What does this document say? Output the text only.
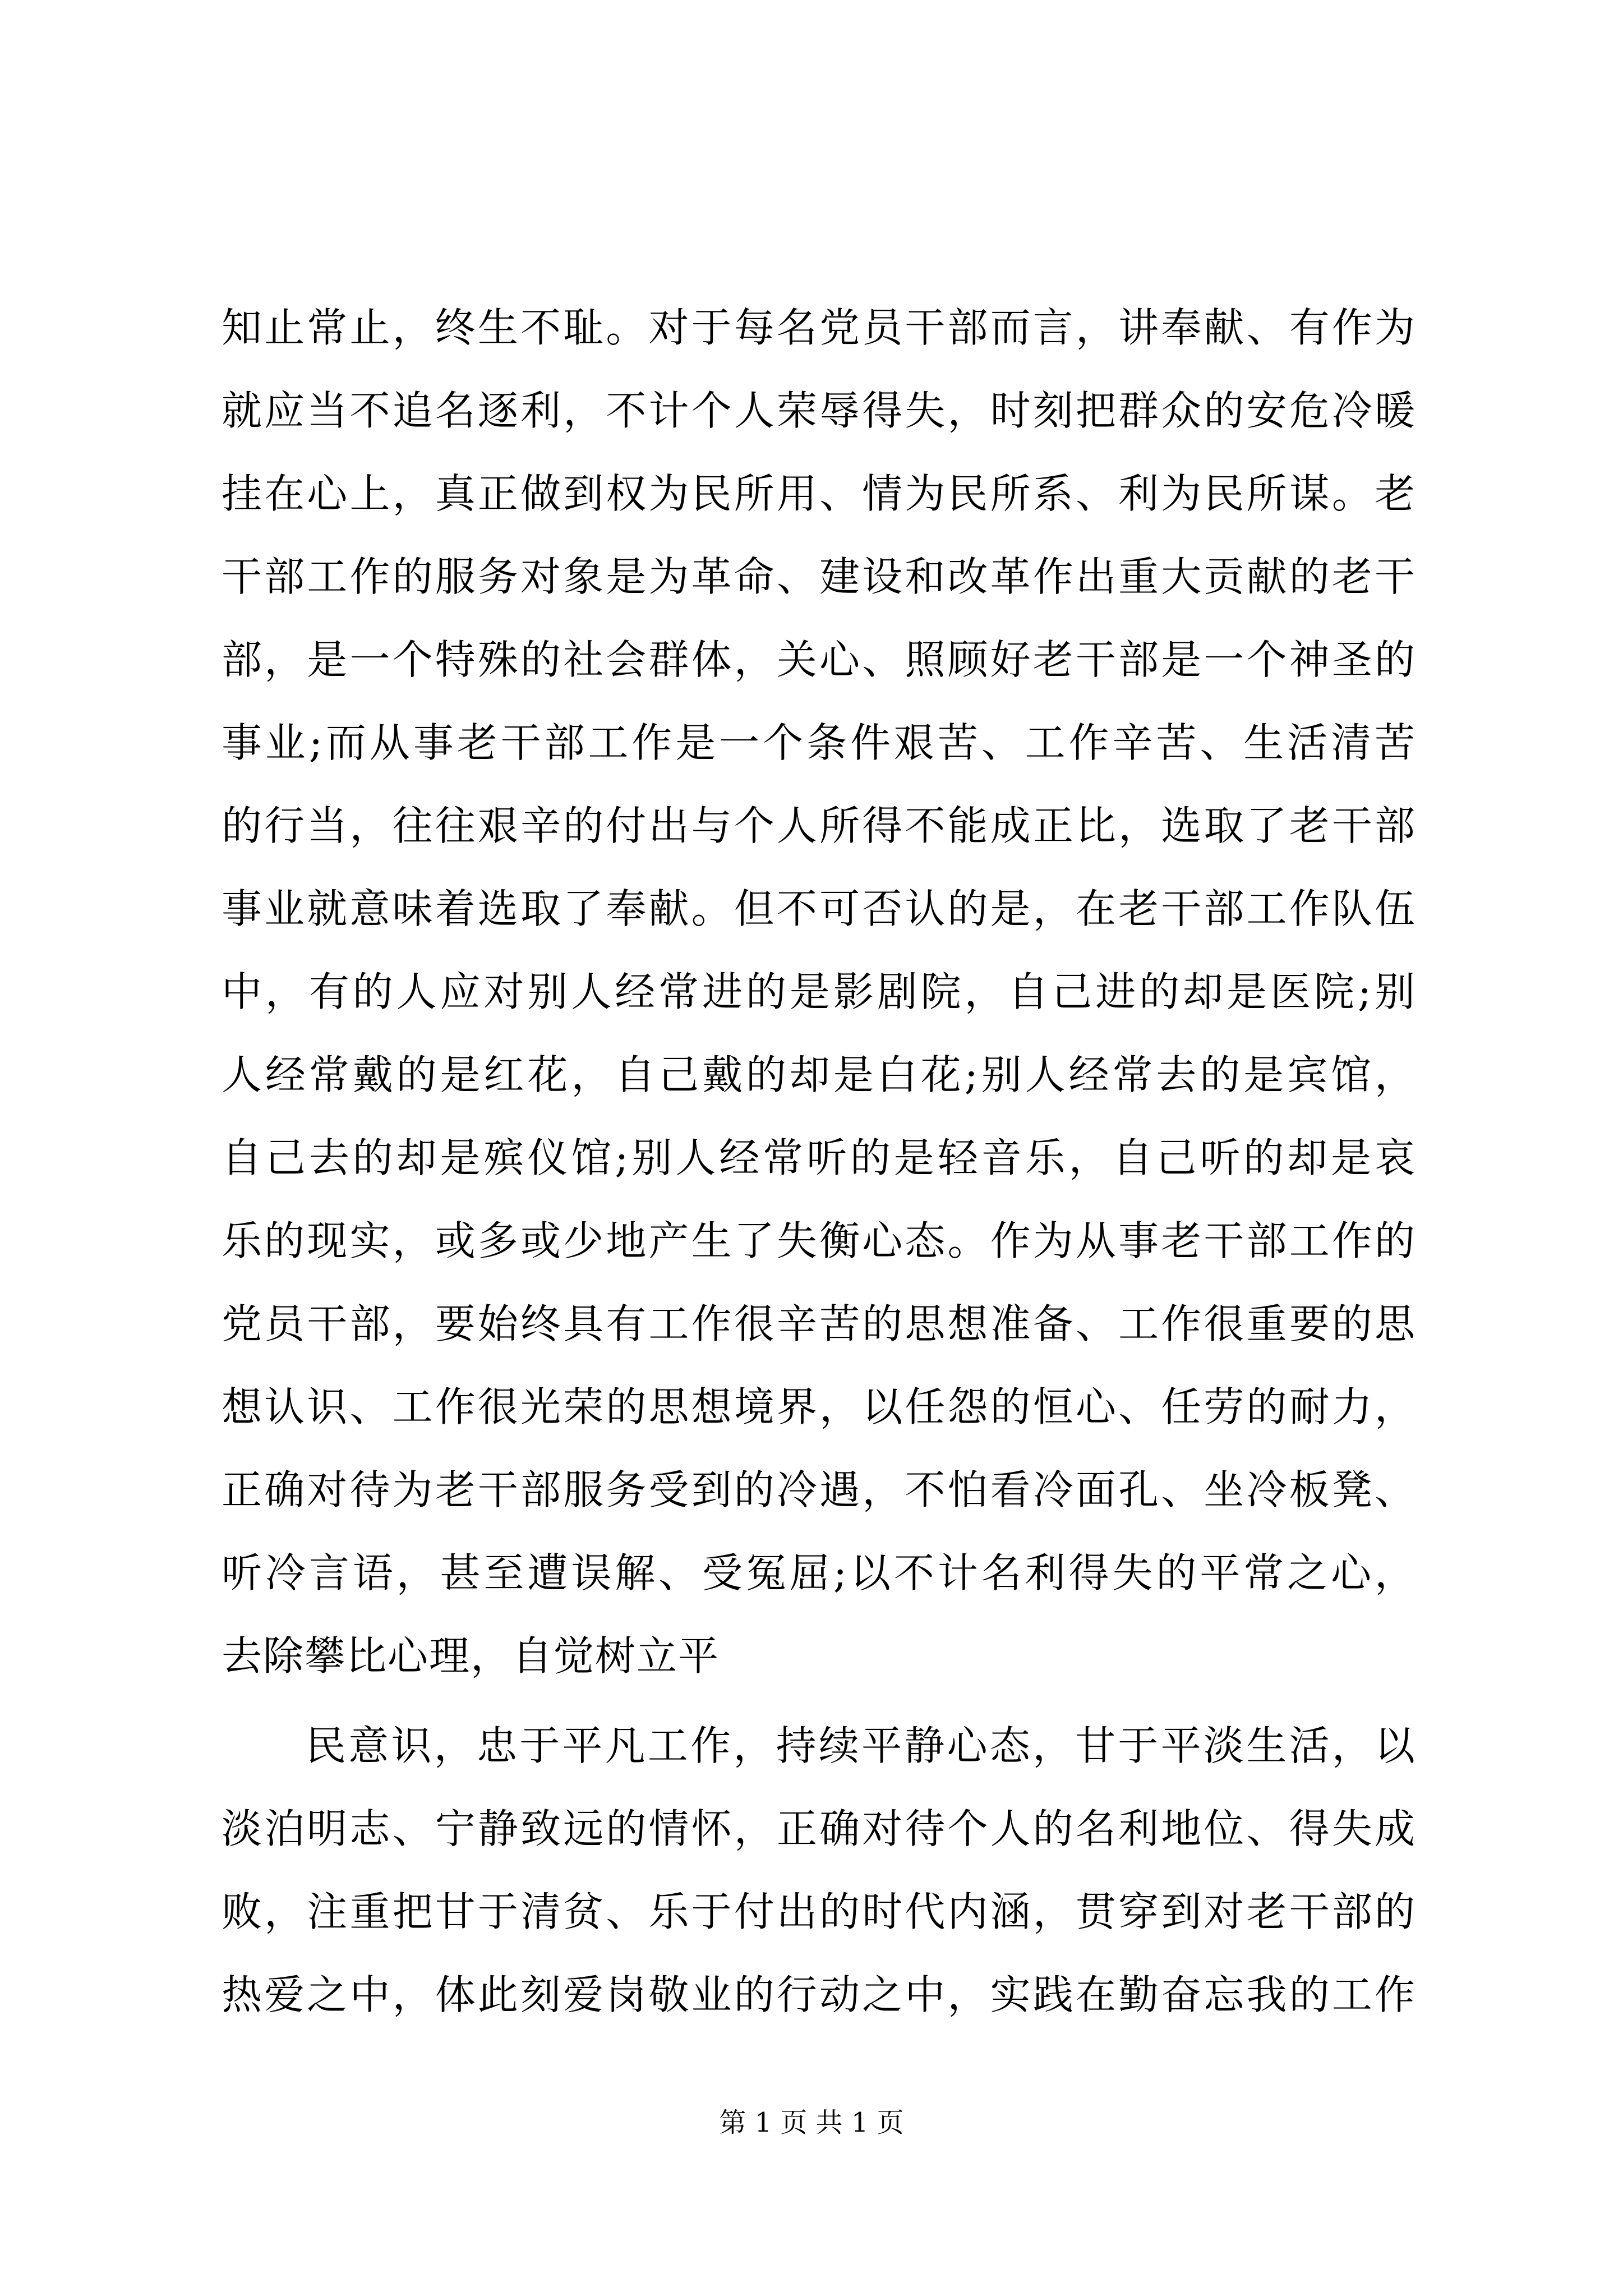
知止常止，终生不耻。对于每名党员干部而言，讲奉献、有作为
就应当不追名逐利，不计个人荣辱得失，时刻把群众的安危冷暖
挂在心上，真正做到权为民所用、情为民所系、利为民所谋。老
干部工作的服务对象是为革命、建设和改革作出重大贡献的老干
部，是一个特殊的社会群体，关心、照顾好老干部是一个神圣的
事业;而从事老干部工作是一个条件艰苦、工作辛苦、生活清苦
的行当，往往艰辛的付出与个人所得不能成正比，选取了老干部
事业就意味着选取了奉献。但不可否认的是，在老干部工作队伍
中，有的人应对别人经常进的是影剧院，自己进的却是医院;别
人经常戴的是红花，自己戴的却是白花;别人经常去的是宾馆，
自己去的却是殡仪馆;别人经常听的是轻音乐，自己听的却是哀
乐的现实，或多或少地产生了失衡心态。作为从事老干部工作的
党员干部，要始终具有工作很辛苦的思想准备、工作很重要的思
想认识、工作很光荣的思想境界，以任怨的恒心、任劳的耐力，
正确对待为老干部服务受到的冷遇，不怕看冷面孔、坐冷板凳、
听冷言语，甚至遭误解、受冤屈;以不计名利得失的平常之心，
去除攀比心理，自觉树立平
民意识，忠于平凡工作，持续平静心态，甘于平淡生活，以
淡泊明志、宁静致远的情怀，正确对待个人的名利地位、得失成
败，注重把甘于清贫、乐于付出的时代内涵，贯穿到对老干部的
热爱之中，体此刻爱岗敬业的行动之中，实践在勤奋忘我的工作
第 1 页 共 1 页
